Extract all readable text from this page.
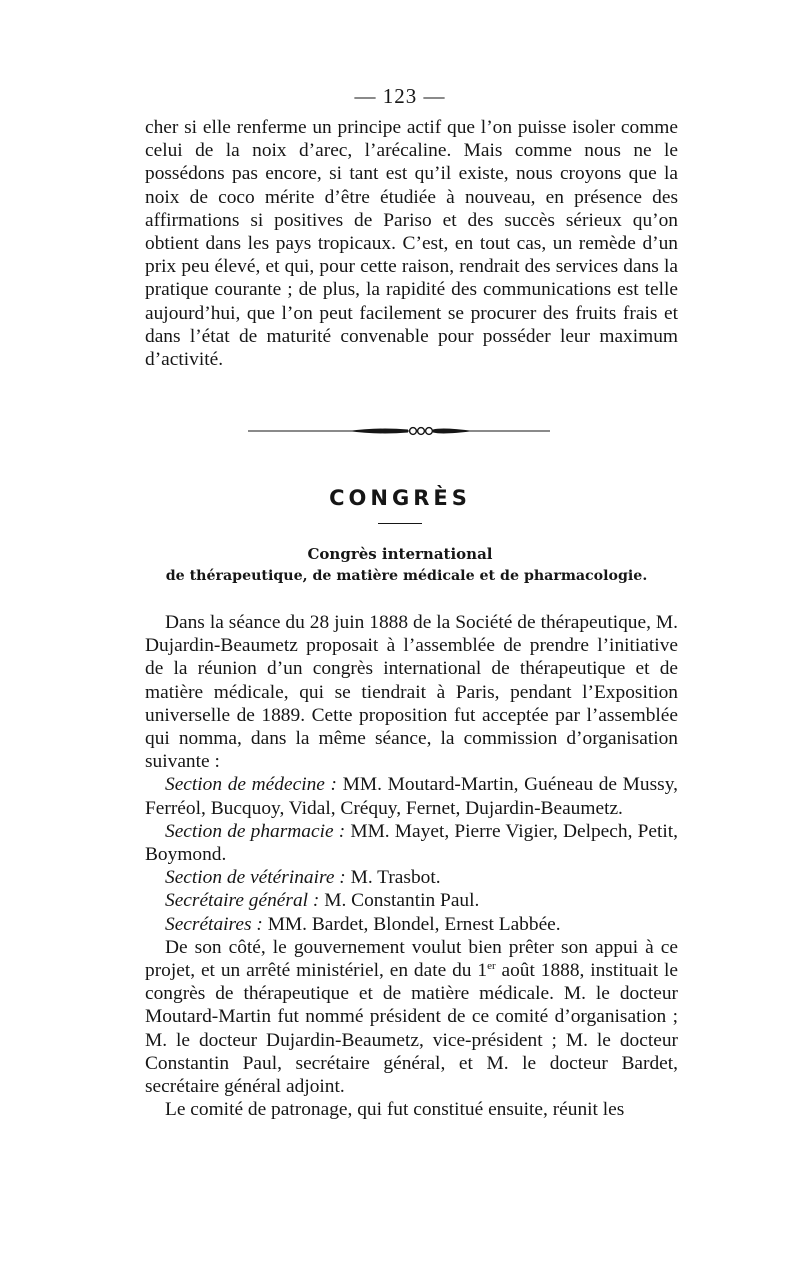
— 123 —

cher si elle renferme un principe actif que l’on puisse isoler comme celui de la noix d’arec, l’arécaline. Mais comme nous ne le possédons pas encore, si tant est qu’il existe, nous croyons que la noix de coco mérite d’être étudiée à nouveau, en présence des affirmations si positives de Pariso et des succès sérieux qu’on obtient dans les pays tropicaux. C’est, en tout cas, un remède d’un prix peu élevé, et qui, pour cette raison, rendrait des services dans la pratique courante ; de plus, la rapidité des communications est telle aujourd’hui, que l’on peut facilement se procurer des fruits frais et dans l’état de maturité convenable pour posséder leur maximum d’activité.

CONGRÈS
Congrès international
de thérapeutique, de matière médicale et de pharmacologie.

Dans la séance du 28 juin 1888 de la Société de thérapeutique, M. Dujardin-Beaumetz proposait à l’assemblée de prendre l’initiative de la réunion d’un congrès international de thérapeutique et de matière médicale, qui se tiendrait à Paris, pendant l’Exposition universelle de 1889. Cette proposition fut acceptée par l’assemblée qui nomma, dans la même séance, la commission d’organisation suivante :

Section de médecine : MM. Moutard-Martin, Guéneau de Mussy, Ferréol, Bucquoy, Vidal, Créquy, Fernet, Dujardin-Beaumetz.

Section de pharmacie : MM. Mayet, Pierre Vigier, Delpech, Petit, Boymond.

Section de vétérinaire : M. Trasbot.

Secrétaire général : M. Constantin Paul.

Secrétaires : MM. Bardet, Blondel, Ernest Labbée.

De son côté, le gouvernement voulut bien prêter son appui à ce projet, et un arrêté ministériel, en date du 1er août 1888, instituait le congrès de thérapeutique et de matière médicale. M. le docteur Moutard-Martin fut nommé président de ce comité d’organisation ; M. le docteur Dujardin-Beaumetz, vice-président ; M. le docteur Constantin Paul, secrétaire général, et M. le docteur Bardet, secrétaire général adjoint.

Le comité de patronage, qui fut constitué ensuite, réunit les
